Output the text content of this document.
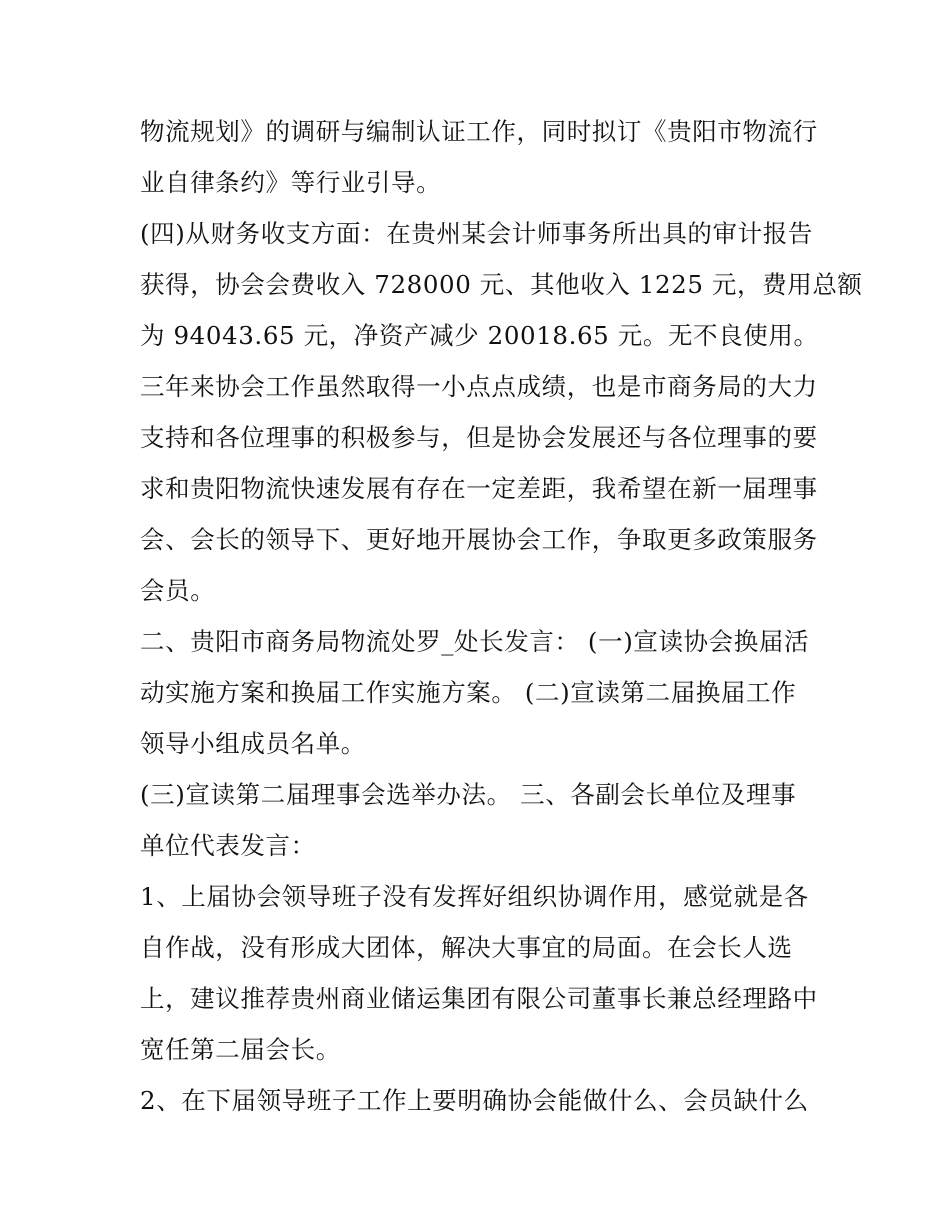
物流规划》的调研与编制认证工作，同时拟订《贵阳市物流行
业自律条约》等行业引导。
(四)从财务收支方面：在贵州某会计师事务所出具的审计报告
获得，协会会费收入 728000 元、其他收入 1225 元，费用总额
为 94043.65 元，净资产减少 20018.65 元。无不良使用。
三年来协会工作虽然取得一小点点成绩，也是市商务局的大力
支持和各位理事的积极参与，但是协会发展还与各位理事的要
求和贵阳物流快速发展有存在一定差距，我希望在新一届理事
会、会长的领导下、更好地开展协会工作，争取更多政策服务
会员。
二、贵阳市商务局物流处罗_处长发言： (一)宣读协会换届活
动实施方案和换届工作实施方案。 (二)宣读第二届换届工作
领导小组成员名单。
(三)宣读第二届理事会选举办法。 三、各副会长单位及理事
单位代表发言：
1、上届协会领导班子没有发挥好组织协调作用，感觉就是各
自作战，没有形成大团体，解决大事宜的局面。在会长人选
上，建议推荐贵州商业储运集团有限公司董事长兼总经理路中
宽任第二届会长。
2、在下届领导班子工作上要明确协会能做什么、会员缺什么
